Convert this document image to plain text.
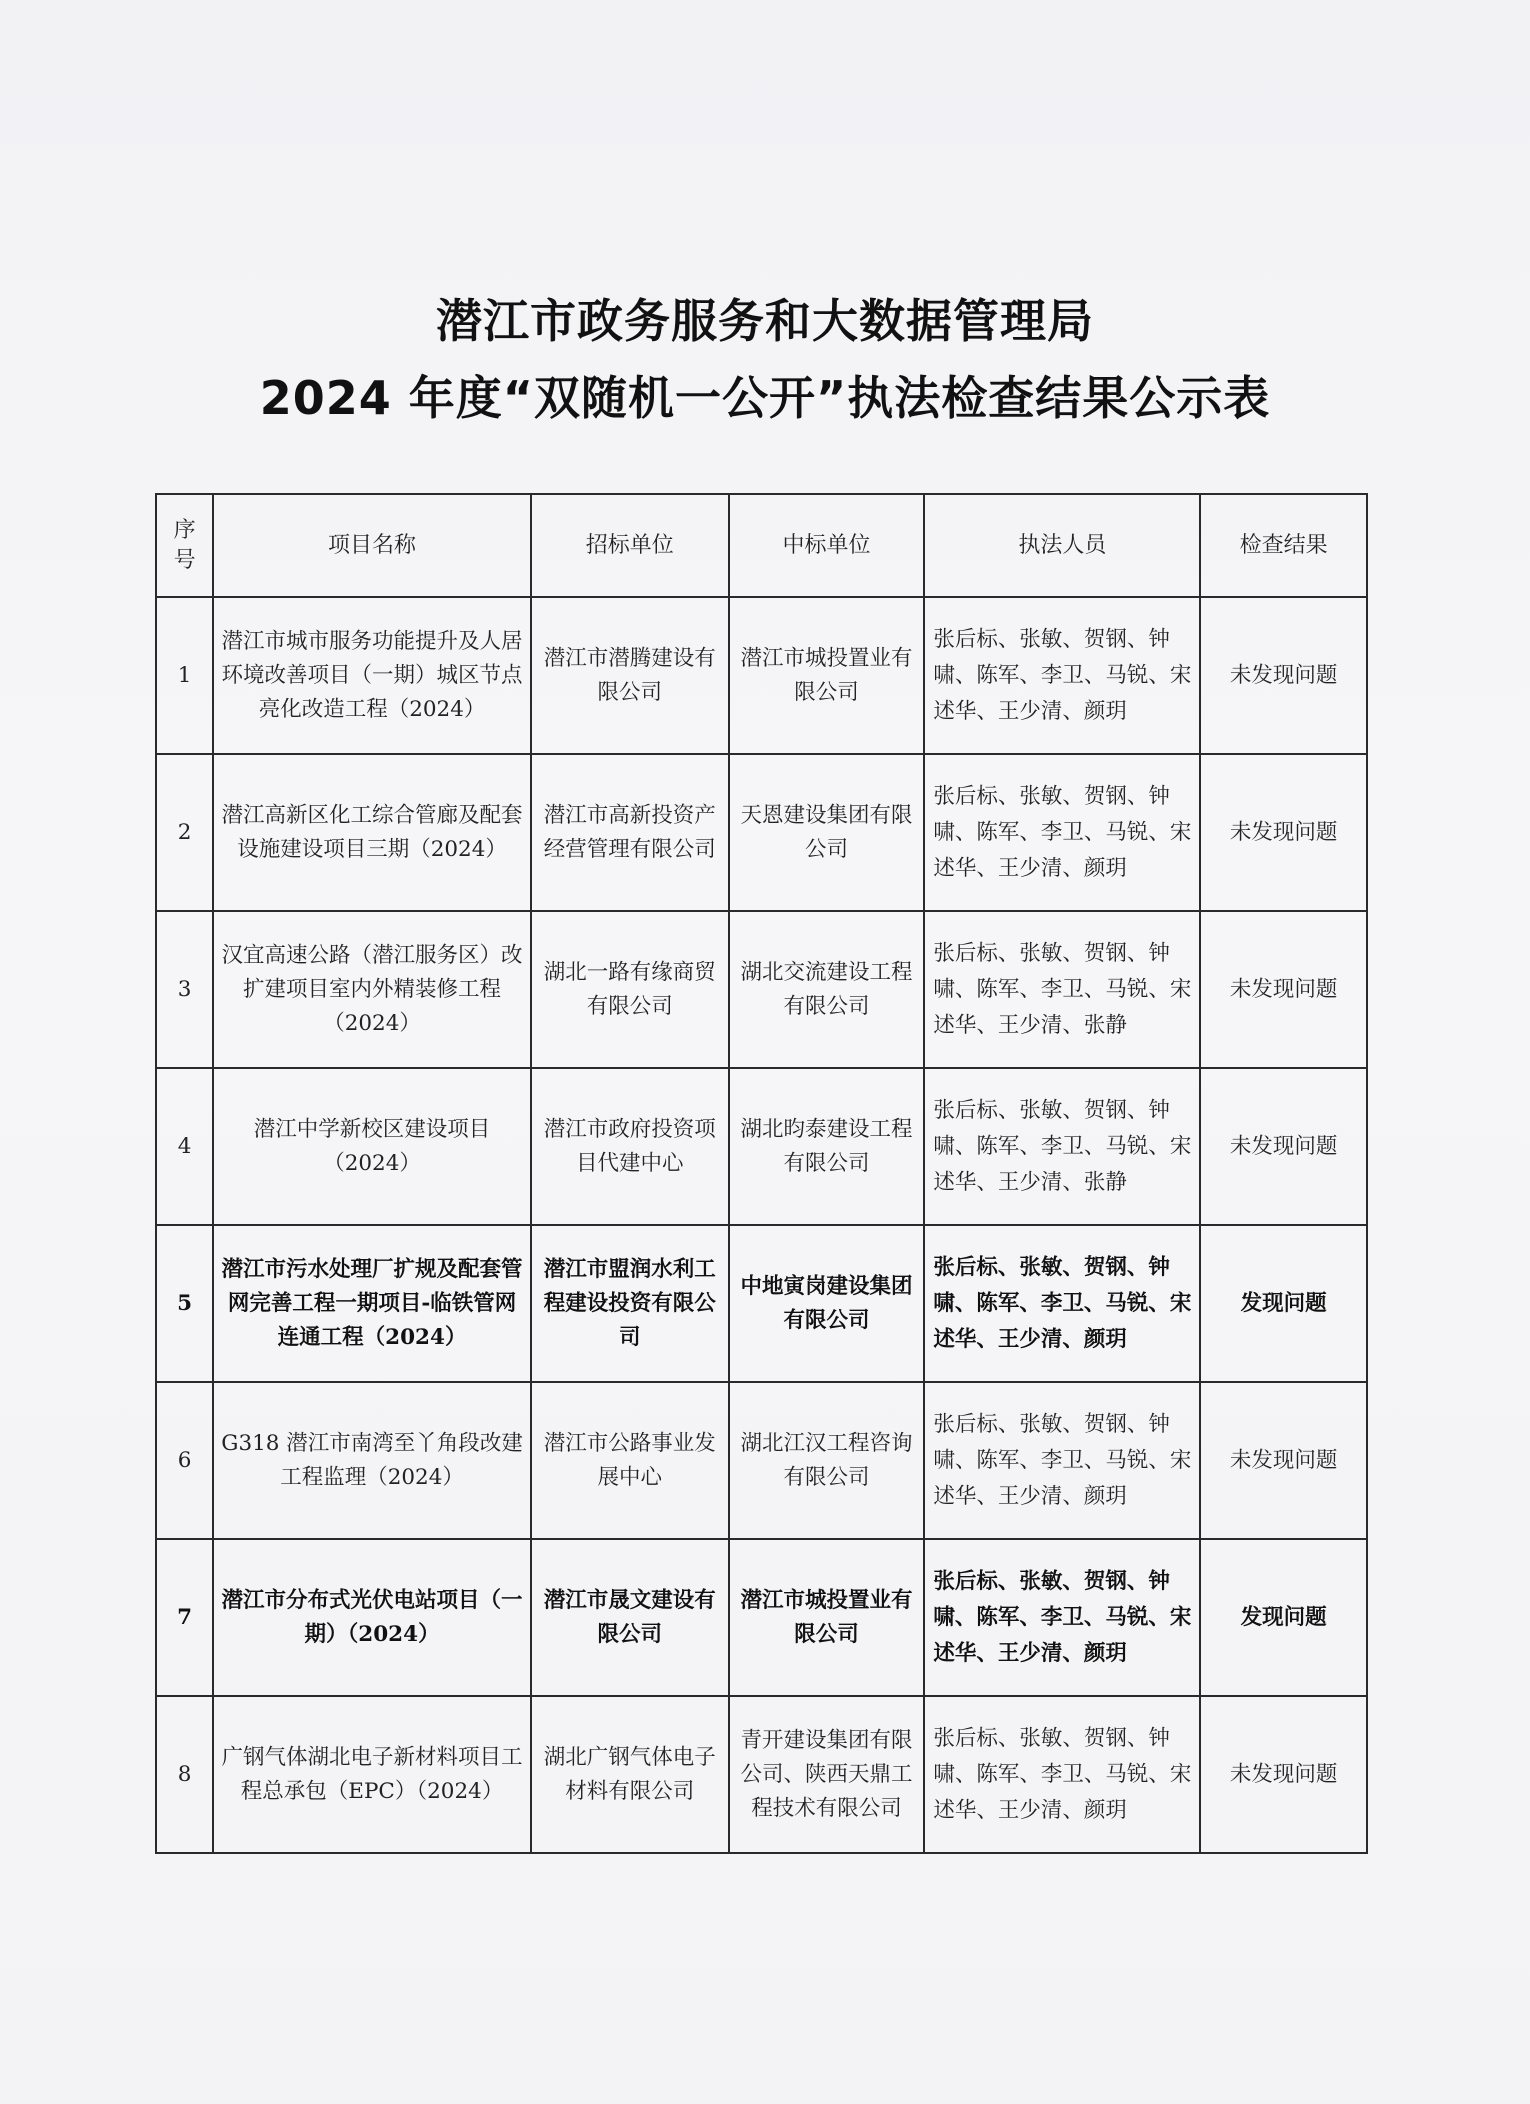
潜江市政务服务和大数据管理局
2024 年度“双随机一公开”执法检查结果公示表
序号	项目名称	招标单位	中标单位	执法人员	检查结果
1	潜江市城市服务功能提升及人居环境改善项目（一期）城区节点亮化改造工程（2024）	潜江市潜腾建设有限公司	潜江市城投置业有限公司	张后标、张敏、贺钢、钟啸、陈军、李卫、马锐、宋述华、王少清、颜玥	未发现问题
2	潜江高新区化工综合管廊及配套设施建设项目三期（2024）	潜江市高新投资产经营管理有限公司	天恩建设集团有限公司	张后标、张敏、贺钢、钟啸、陈军、李卫、马锐、宋述华、王少清、颜玥	未发现问题
3	汉宜高速公路（潜江服务区）改扩建项目室内外精装修工程（2024）	湖北一路有缘商贸有限公司	湖北交流建设工程有限公司	张后标、张敏、贺钢、钟啸、陈军、李卫、马锐、宋述华、王少清、张静	未发现问题
4	潜江中学新校区建设项目（2024）	潜江市政府投资项目代建中心	湖北昀泰建设工程有限公司	张后标、张敏、贺钢、钟啸、陈军、李卫、马锐、宋述华、王少清、张静	未发现问题
5	潜江市污水处理厂扩规及配套管网完善工程一期项目-临铁管网连通工程（2024）	潜江市盟润水利工程建设投资有限公司	中地寅岗建设集团有限公司	张后标、张敏、贺钢、钟啸、陈军、李卫、马锐、宋述华、王少清、颜玥	发现问题
6	G318 潜江市南湾至丫角段改建工程监理（2024）	潜江市公路事业发展中心	湖北江汉工程咨询有限公司	张后标、张敏、贺钢、钟啸、陈军、李卫、马锐、宋述华、王少清、颜玥	未发现问题
7	潜江市分布式光伏电站项目（一期）（2024）	潜江市晟文建设有限公司	潜江市城投置业有限公司	张后标、张敏、贺钢、钟啸、陈军、李卫、马锐、宋述华、王少清、颜玥	发现问题
8	广钢气体湖北电子新材料项目工程总承包（EPC）（2024）	湖北广钢气体电子材料有限公司	青开建设集团有限公司、陕西天鼎工程技术有限公司	张后标、张敏、贺钢、钟啸、陈军、李卫、马锐、宋述华、王少清、颜玥	未发现问题
